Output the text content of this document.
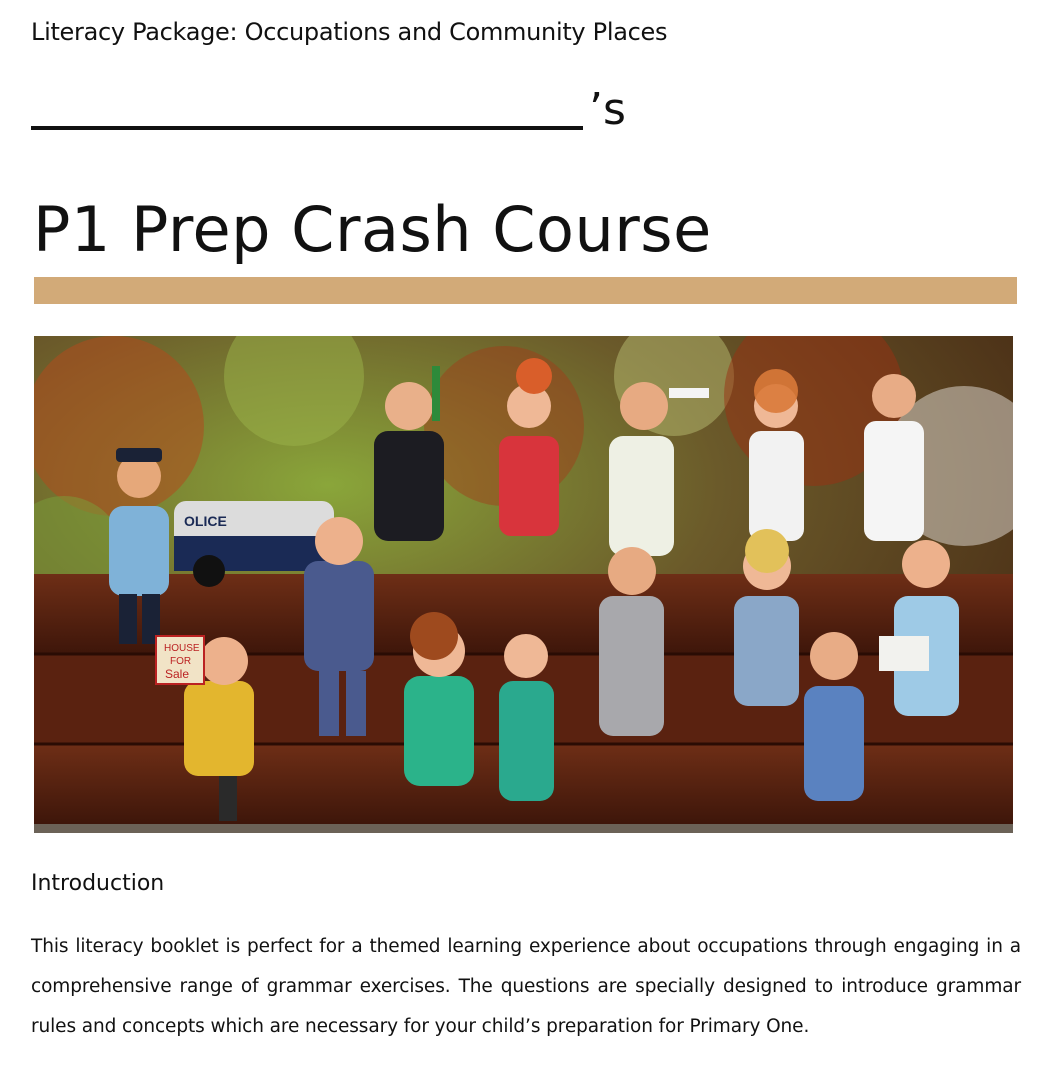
Literacy Package: Occupations and Community Places
’s
P1 Prep Crash Course
OLICE
HOUSE
FOR
Sale
Introduction
This literacy booklet is perfect for a themed learning experience about occupations through engaging in a comprehensive range of grammar exercises. The questions are specially designed to introduce grammar rules and concepts which are necessary for your child’s preparation for Primary One.
